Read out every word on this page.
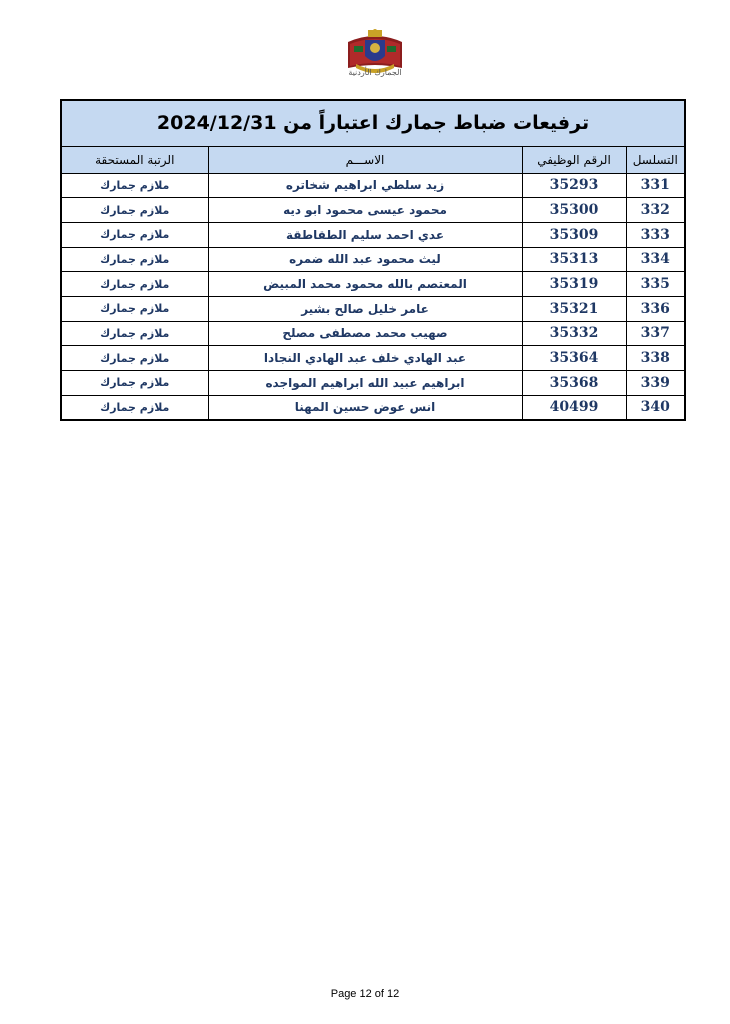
الجمارك الأردنية
ترفيعات ضباط جمارك اعتباراً من 2024/12/31			
التسلسل	الرقم الوظيفي	الاســـم	الرتبة المستحقة
331	35293	زيد سلطي ابراهيم شخاتره	ملازم جمارك
332	35300	محمود عيسى محمود ابو ديه	ملازم جمارك
333	35309	عدي احمد سليم الطقاطقة	ملازم جمارك
334	35313	ليث محمود عبد الله ضمره	ملازم جمارك
335	35319	المعتصم بالله محمود محمد المبيض	ملازم جمارك
336	35321	عامر خليل صالح بشير	ملازم جمارك
337	35332	صهيب محمد مصطفى مصلح	ملازم جمارك
338	35364	عبد الهادي خلف عبد الهادي النجادا	ملازم جمارك
339	35368	ابراهيم عبيد الله ابراهيم المواجده	ملازم جمارك
340	40499	انس عوض حسين المهنا	ملازم جمارك
Page 12 of 12
